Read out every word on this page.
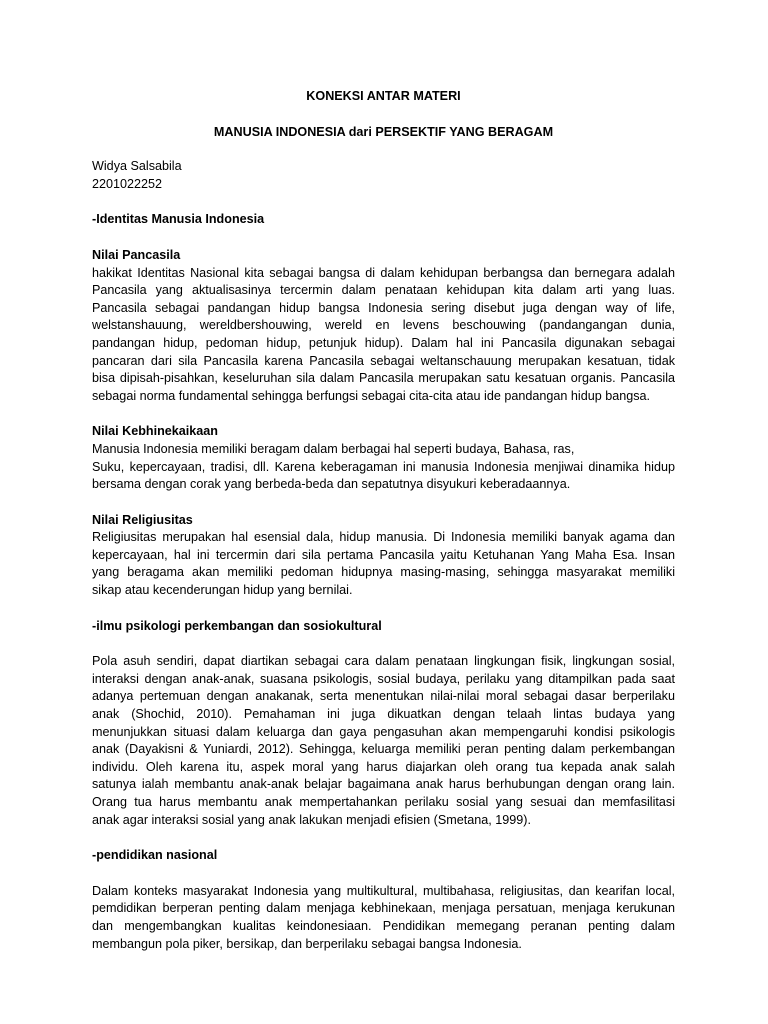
KONEKSI ANTAR MATERI
MANUSIA INDONESIA dari PERSEKTIF YANG BERAGAM
Widya Salsabila
2201022252
-Identitas Manusia Indonesia
Nilai Pancasila
hakikat Identitas Nasional kita sebagai bangsa di dalam kehidupan berbangsa dan bernegara adalah
Pancasila yang aktualisasinya tercermin dalam penataan kehidupan kita dalam arti yang luas.
Pancasila sebagai pandangan hidup bangsa Indonesia sering disebut juga dengan way of life,
welstanshauung, wereldbershouwing, wereld en levens beschouwing (pandangangan dunia,
pandangan hidup, pedoman hidup, petunjuk hidup). Dalam hal ini Pancasila digunakan sebagai
pancaran dari sila Pancasila karena Pancasila sebagai weltanschauung merupakan kesatuan, tidak
bisa dipisah-pisahkan, keseluruhan sila dalam Pancasila merupakan satu kesatuan organis. Pancasila
sebagai norma fundamental sehingga berfungsi sebagai cita-cita atau ide pandangan hidup bangsa.
Nilai Kebhinekaikaan
Manusia Indonesia memiliki beragam dalam berbagai hal seperti budaya, Bahasa, ras,
Suku, kepercayaan, tradisi, dll. Karena keberagaman ini manusia Indonesia menjiwai dinamika hidup
bersama dengan corak yang berbeda-beda dan sepatutnya disyukuri keberadaannya.
Nilai Religiusitas
Religiusitas merupakan hal esensial dala, hidup manusia. Di Indonesia memiliki banyak agama dan
kepercayaan, hal ini tercermin dari sila pertama Pancasila yaitu Ketuhanan Yang Maha Esa. Insan
yang beragama akan memiliki pedoman hidupnya masing-masing, sehingga masyarakat memiliki
sikap atau kecenderungan hidup yang bernilai.
-ilmu psikologi perkembangan dan sosiokultural
Pola asuh sendiri, dapat diartikan sebagai cara dalam penataan lingkungan fisik, lingkungan sosial,
interaksi dengan anak-anak, suasana psikologis, sosial budaya, perilaku yang ditampilkan pada saat
adanya pertemuan dengan anakanak, serta menentukan nilai-nilai moral sebagai dasar berperilaku
anak (Shochid, 2010). Pemahaman ini juga dikuatkan dengan telaah lintas budaya yang
menunjukkan situasi dalam keluarga dan gaya pengasuhan akan mempengaruhi kondisi psikologis
anak (Dayakisni & Yuniardi, 2012). Sehingga, keluarga memiliki peran penting dalam perkembangan
individu. Oleh karena itu, aspek moral yang harus diajarkan oleh orang tua kepada anak salah
satunya ialah membantu anak-anak belajar bagaimana anak harus berhubungan dengan orang lain.
Orang tua harus membantu anak mempertahankan perilaku sosial yang sesuai dan memfasilitasi
anak agar interaksi sosial yang anak lakukan menjadi efisien (Smetana, 1999).
-pendidikan nasional
Dalam konteks masyarakat Indonesia yang multikultural, multibahasa, religiusitas, dan kearifan local,
pemdidikan berperan penting dalam menjaga kebhinekaan, menjaga persatuan, menjaga kerukunan
dan mengembangkan kualitas keindonesiaan. Pendidikan memegang peranan penting dalam
membangun pola piker, bersikap, dan berperilaku sebagai bangsa Indonesia.
